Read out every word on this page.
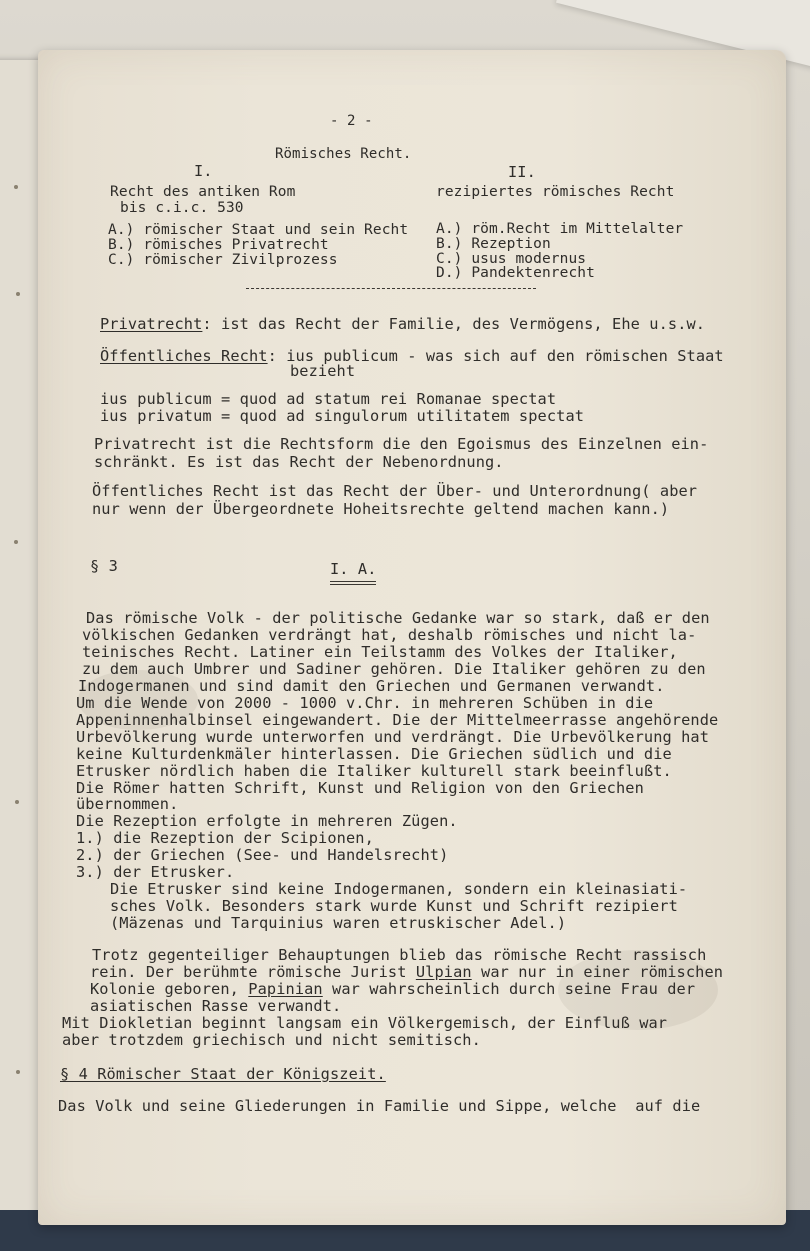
- 2 -
Römisches Recht.
I.
Recht des antiken Rom
bis c.i.c. 530
A.) römischer Staat und sein Recht
B.) römisches Privatrecht
C.) römischer Zivilprozess
II.
rezipiertes römisches Recht
A.) röm.Recht im Mittelalter
B.) Rezeption
C.) usus modernus
D.) Pandektenrecht
Privatrecht: ist das Recht der Familie, des Vermögens, Ehe u.s.w.
Öffentliches Recht: ius publicum - was sich auf den römischen Staat
bezieht
ius publicum = quod ad statum rei Romanae spectat
ius privatum = quod ad singulorum utilitatem spectat
Privatrecht ist die Rechtsform die den Egoismus des Einzelnen ein-
schränkt. Es ist das Recht der Nebenordnung.
Öffentliches Recht ist das Recht der Über- und Unterordnung( aber
nur wenn der Übergeordnete Hoheitsrechte geltend machen kann.)
§ 3	I. A.
Das römische Volk - der politische Gedanke war so stark, daß er den
völkischen Gedanken verdrängt hat, deshalb römisches und nicht la-
teinisches Recht. Latiner ein Teilstamm des Volkes der Italiker,
zu dem auch Umbrer und Sadiner gehören. Die Italiker gehören zu den
Indogermanen und sind damit den Griechen und Germanen verwandt.
Um die Wende von 2000 - 1000 v.Chr. in mehreren Schüben in die
Appeninnenhalbinsel eingewandert. Die der Mittelmeerrasse angehörende
Urbevölkerung wurde unterworfen und verdrängt. Die Urbevölkerung hat
keine Kulturdenkmäler hinterlassen. Die Griechen südlich und die
Etrusker nördlich haben die Italiker kulturell stark beeinflußt.
Die Römer hatten Schrift, Kunst und Religion von den Griechen
übernommen.
Die Rezeption erfolgte in mehreren Zügen.
1.) die Rezeption der Scipionen,
2.) der Griechen (See- und Handelsrecht)
3.) der Etrusker.
Die Etrusker sind keine Indogermanen, sondern ein kleinasiati-
sches Volk. Besonders stark wurde Kunst und Schrift rezipiert
(Mäzenas und Tarquinius waren etruskischer Adel.)
Trotz gegenteiliger Behauptungen blieb das römische Recht rassisch
rein. Der berühmte römische Jurist Ulpian war nur in einer römischen
Kolonie geboren, Papinian war wahrscheinlich durch seine Frau der
asiatischen Rasse verwandt.
Mit Diokletian beginnt langsam ein Völkergemisch, der Einfluß war
aber trotzdem griechisch und nicht semitisch.
§ 4 Römischer Staat der Königszeit.
Das Volk und seine Gliederungen in Familie und Sippe, welche  auf die
